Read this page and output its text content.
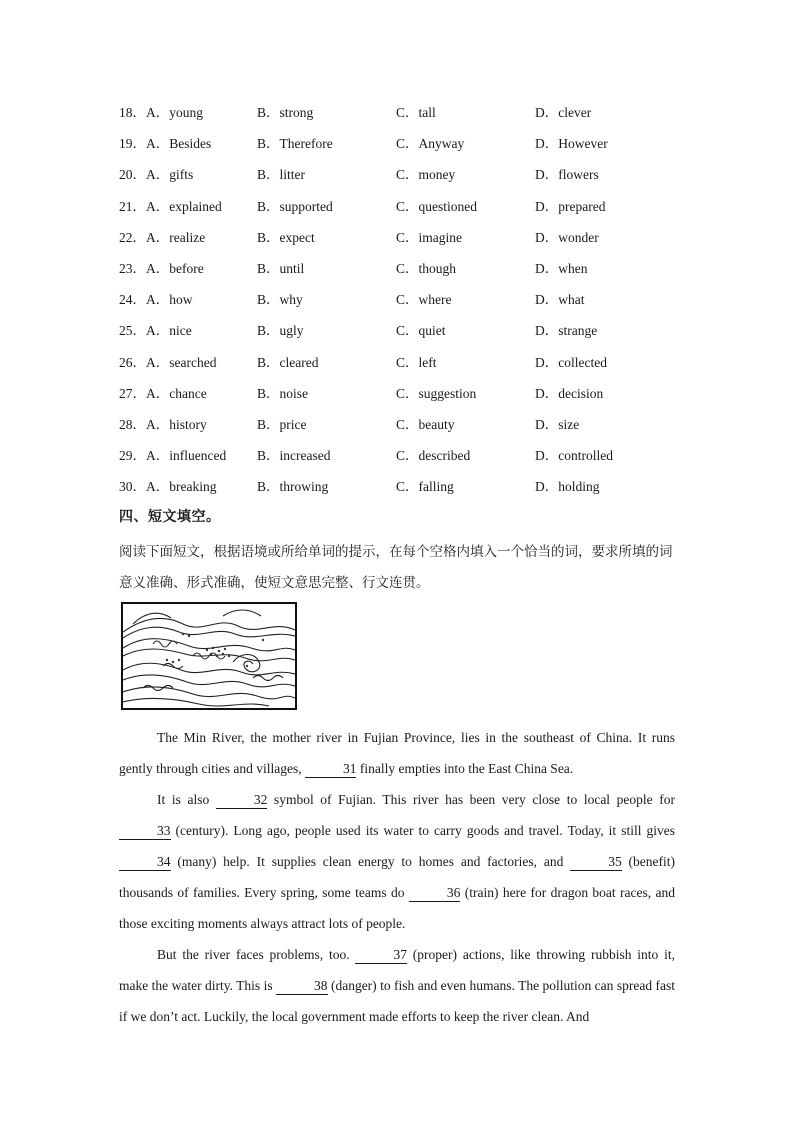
18．A．young	B．strong	C．tall	D．clever
19．A．Besides	B．Therefore	C．Anyway	D．However
20．A．gifts	B．litter	C．money	D．flowers
21．A．explained	B．supported	C．questioned	D．prepared
22．A．realize	B．expect	C．imagine	D．wonder
23．A．before	B．until	C．though	D．when
24．A．how	B．why	C．where	D．what
25．A．nice	B．ugly	C．quiet	D．strange
26．A．searched	B．cleared	C．left	D．collected
27．A．chance	B．noise	C．suggestion	D．decision
28．A．history	B．price	C．beauty	D．size
29．A．influenced B．increased	C．described	D．controlled
30．A．breaking	B．throwing	C．falling	D．holding
四、短文填空。
阅读下面短文，根据语境或所给单词的提示，在每个空格内填入一个恰当的词，要求所填的词意义准确、形式准确，使短文意思完整、行文连贯。

The Min River, the mother river in Fujian Province, lies in the southeast of China. It runs gently through cities and villages,	31 finally empties into the East China Sea.

It is also	32 symbol of Fujian. This river has been very close to local people for 33 (century). Long ago, people used its water to carry goods and travel. Today, it still gives 34 (many) help. It supplies clean energy to homes and factories, and	35 (benefit) thousands of families. Every spring, some teams do	36 (train) here for dragon boat races, and those exciting moments always attract lots of people.

But the river faces problems, too.	37 (proper) actions, like throwing rubbish into it, make the water dirty. This is	38 (danger) to fish and even humans. The pollution can spread fast if we don’t act. Luckily, the local government made efforts to keep the river clean. And
